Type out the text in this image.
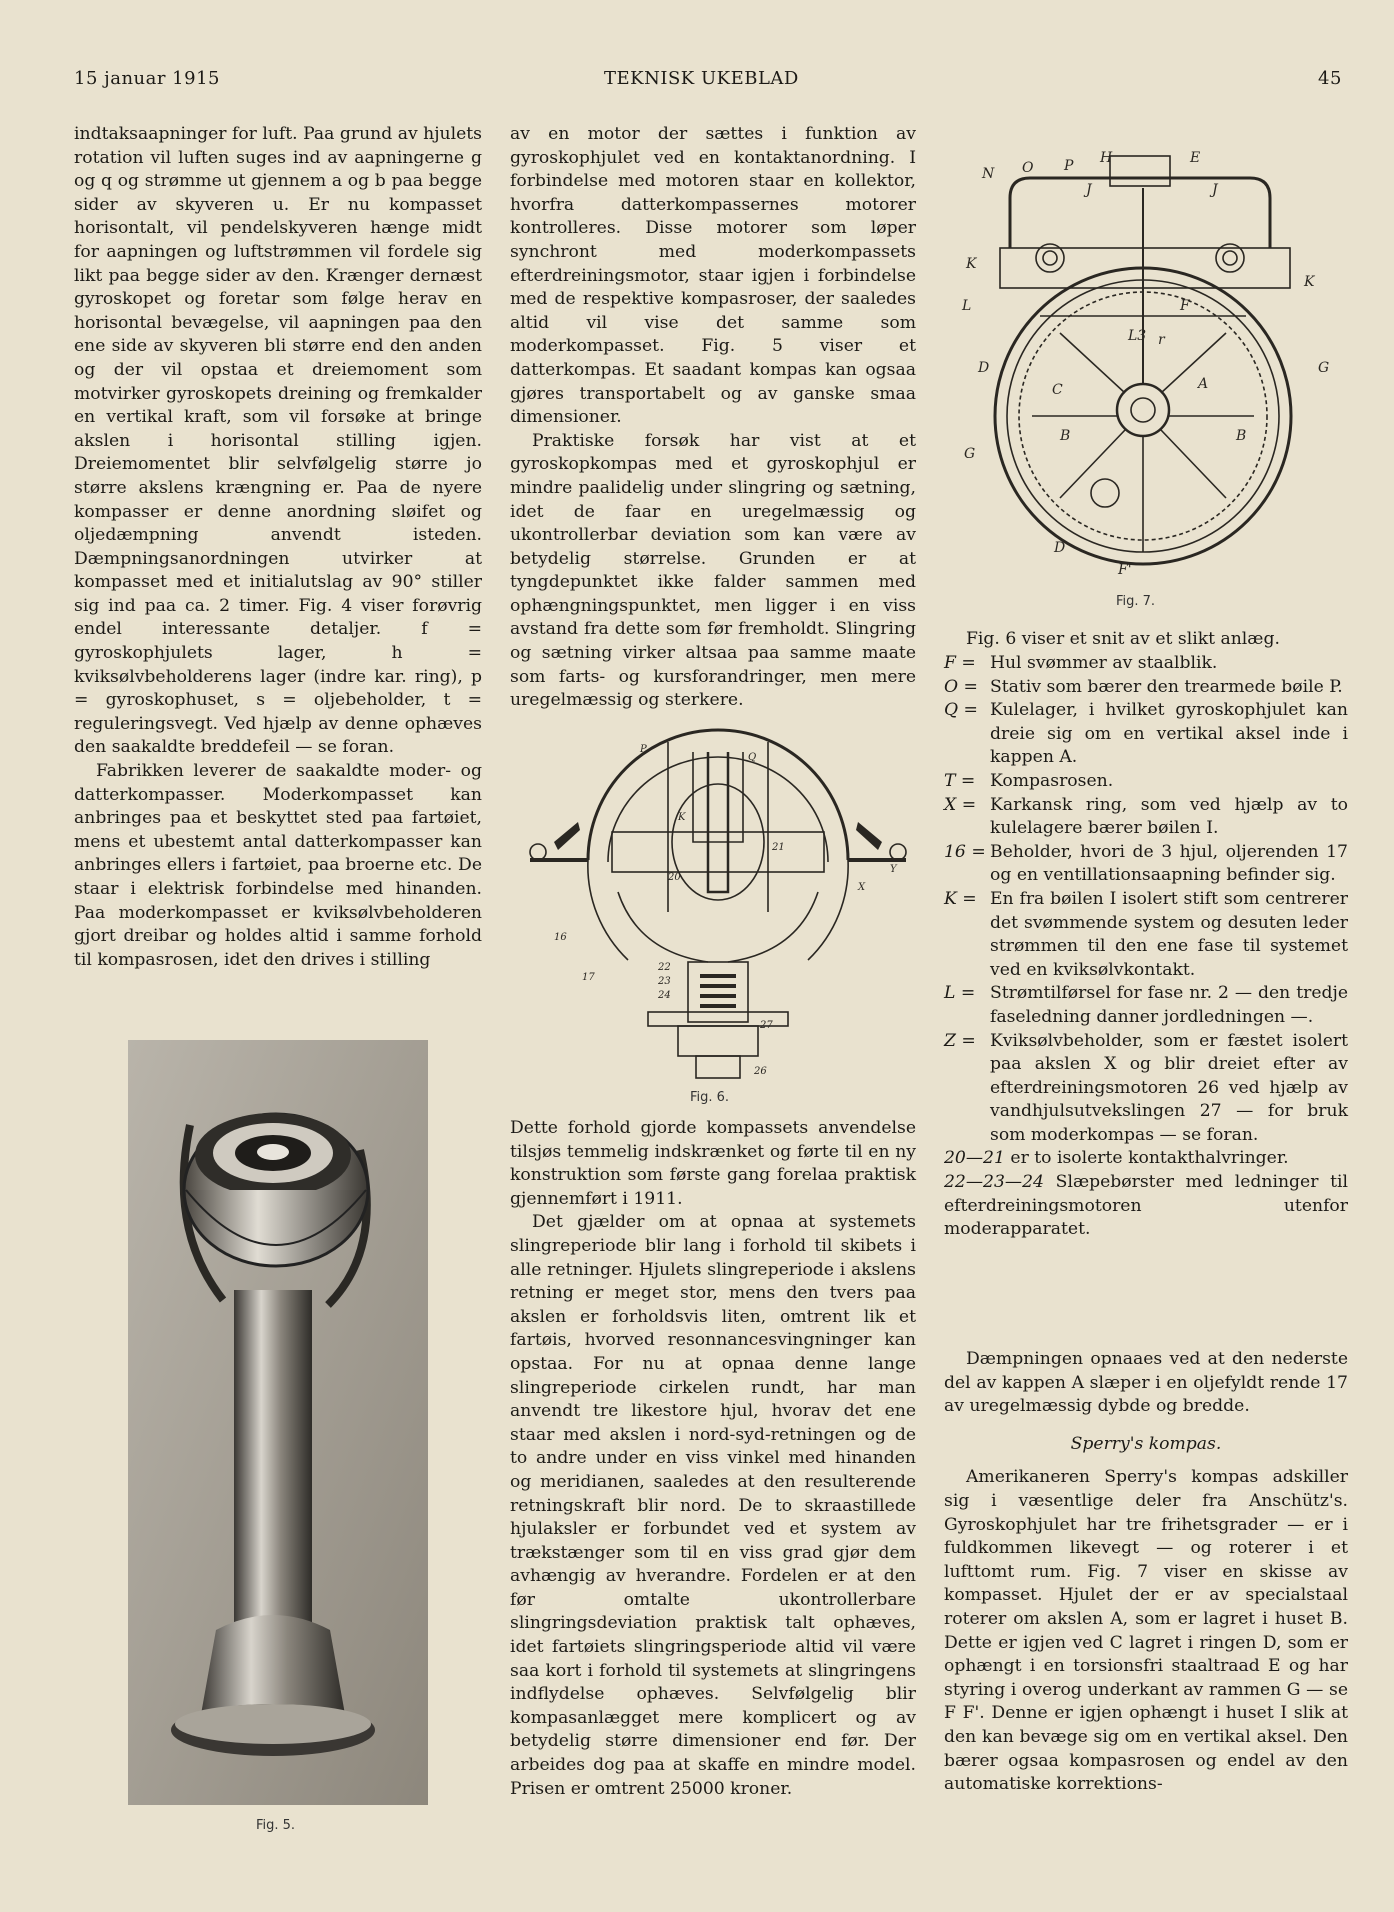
15 januar 1915	TEKNISK UKEBLAD	45

indtaksaapninger for luft. Paa grund av hjulets rotation vil luften suges ind av aapningerne g og q og strømme ut gjennem a og b paa begge sider av skyveren u. Er nu kompasset horisontalt, vil pendelskyveren hænge midt for aapningen og luftstrømmen vil fordele sig likt paa begge sider av den. Krænger dernæst gyroskopet og foretar som følge herav en horisontal bevægelse, vil aapningen paa den ene side av skyveren bli større end den anden og der vil opstaa et dreiemoment som motvirker gyroskopets dreining og fremkalder en vertikal kraft, som vil forsøke at bringe akslen i horisontal stilling igjen. Dreiemomentet blir selvfølgelig større jo større akslens krængning er. Paa de nyere kompasser er denne anordning sløifet og oljedæmpning anvendt isteden. Dæmpningsanordningen utvirker at kompasset med et initialutslag av 90° stiller sig ind paa ca. 2 timer. Fig. 4 viser forøvrig endel interessante detaljer. f = gyroskophjulets lager, h = kviksølvbeholderens lager (indre kar. ring), p = gyroskophuset, s = oljebeholder, t = reguleringsvegt. Ved hjælp av denne ophæves den saakaldte breddefeil — se foran.

Fabrikken leverer de saakaldte moder- og datterkompasser. Moderkompasset kan anbringes paa et beskyttet sted paa fartøiet, mens et ubestemt antal datterkompasser kan anbringes ellers i fartøiet, paa broerne etc. De staar i elektrisk forbindelse med hinanden. Paa moderkompasset er kviksølvbeholderen gjort dreibar og holdes altid i samme forhold til kompasrosen, idet den drives i stilling

Fig. 5.

av en motor der sættes i funktion av gyroskophjulet ved en kontaktanordning. I forbindelse med motoren staar en kollektor, hvorfra datterkompassernes motorer kontrolleres. Disse motorer som løper synchront med moderkompassets efterdreiningsmotor, staar igjen i forbindelse med de respektive kompasroser, der saaledes altid vil vise det samme som moderkompasset. Fig. 5 viser et datterkompas. Et saadant kompas kan ogsaa gjøres transportabelt og av ganske smaa dimensioner.

Praktiske forsøk har vist at et gyroskopkompas med et gyroskophjul er mindre paalidelig under slingring og sætning, idet de faar en uregelmæssig og ukontrollerbar deviation som kan være av betydelig størrelse. Grunden er at tyngdepunktet ikke falder sammen med ophængningspunktet, men ligger i en viss avstand fra dette som før fremholdt. Slingring og sætning virker altsaa paa samme maate som farts- og kursforandringer, men mere uregelmæssig og sterkere.

P
Q
K
21
20
16
17
22
23
24
27
26
X
Y
Fig. 6.

Dette forhold gjorde kompassets anvendelse tilsjøs temmelig indskrænket og førte til en ny konstruktion som første gang forelaa praktisk gjennemført i 1911.

Det gjælder om at opnaa at systemets slingreperiode blir lang i forhold til skibets i alle retninger. Hjulets slingreperiode i akslens retning er meget stor, mens den tvers paa akslen er forholdsvis liten, omtrent lik et fartøis, hvorved resonnancesvingninger kan opstaa. For nu at opnaa denne lange slingreperiode cirkelen rundt, har man anvendt tre likestore hjul, hvorav det ene staar med akslen i nord-syd-retningen og de to andre under en viss vinkel med hinanden og meridianen, saaledes at den resulterende retningskraft blir nord. De to skraastillede hjulaksler er forbundet ved et system av trækstænger som til en viss grad gjør dem avhængig av hverandre. Fordelen er at den før omtalte ukontrollerbare slingringsdeviation praktisk talt ophæves, idet fartøiets slingringsperiode altid vil være saa kort i forhold til systemets at slingringens indflydelse ophæves. Selvfølgelig blir kompasanlægget mere komplicert og av betydelig større dimensioner end før. Der arbeides dog paa at skaffe en mindre model. Prisen er omtrent 25000 kroner.

N O P H	E
J	J
K
K
L
L3
F
r
D
C	A
G
B	B
G
D
F'
Fig. 7.

Fig. 6 viser et snit av et slikt anlæg.

F = Hul svømmer av staalblik.
O = Stativ som bærer den trearmede bøile P.
Q = Kulelager, i hvilket gyroskophjulet kan dreie sig om en vertikal aksel inde i kappen A.
T = Kompasrosen.
X = Karkansk ring, som ved hjælp av to kulelagere bærer bøilen I.
16 = Beholder, hvori de 3 hjul, oljerenden 17 og en ventillationsaapning befinder sig.
K = En fra bøilen I isolert stift som centrerer det svømmende system og desuten leder strømmen til den ene fase til systemet ved en kviksølvkontakt.
L = Strømtilførsel for fase nr. 2 — den tredje faseledning danner jordledningen —.
Z = Kviksølvbeholder, som er fæstet isolert paa akslen X og blir dreiet efter av efterdreiningsmotoren 26 ved hjælp av vandhjulsutvekslingen 27 — for bruk som moderkompas — se foran.
20—21 er to isolerte kontakthalvringer.
22—23—24 Slæpebørster med ledninger til efterdreiningsmotoren utenfor moderapparatet.

Dæmpningen opnaaes ved at den nederste del av kappen A slæper i en oljefyldt rende 17 av uregelmæssig dybde og bredde.

Sperry's kompas.

Amerikaneren Sperry's kompas adskiller sig i væsentlige deler fra Anschütz's. Gyroskophjulet har tre frihetsgrader — er i fuldkommen likevegt — og roterer i et lufttomt rum. Fig. 7 viser en skisse av kompasset. Hjulet der er av specialstaal roterer om akslen A, som er lagret i huset B. Dette er igjen ved C lagret i ringen D, som er ophængt i en torsionsfri staaltraad E og har styring i overog underkant av rammen G — se F F'. Denne er igjen ophængt i huset I slik at den kan bevæge sig om en vertikal aksel. Den bærer ogsaa kompasrosen og endel av den automatiske korrektions-
